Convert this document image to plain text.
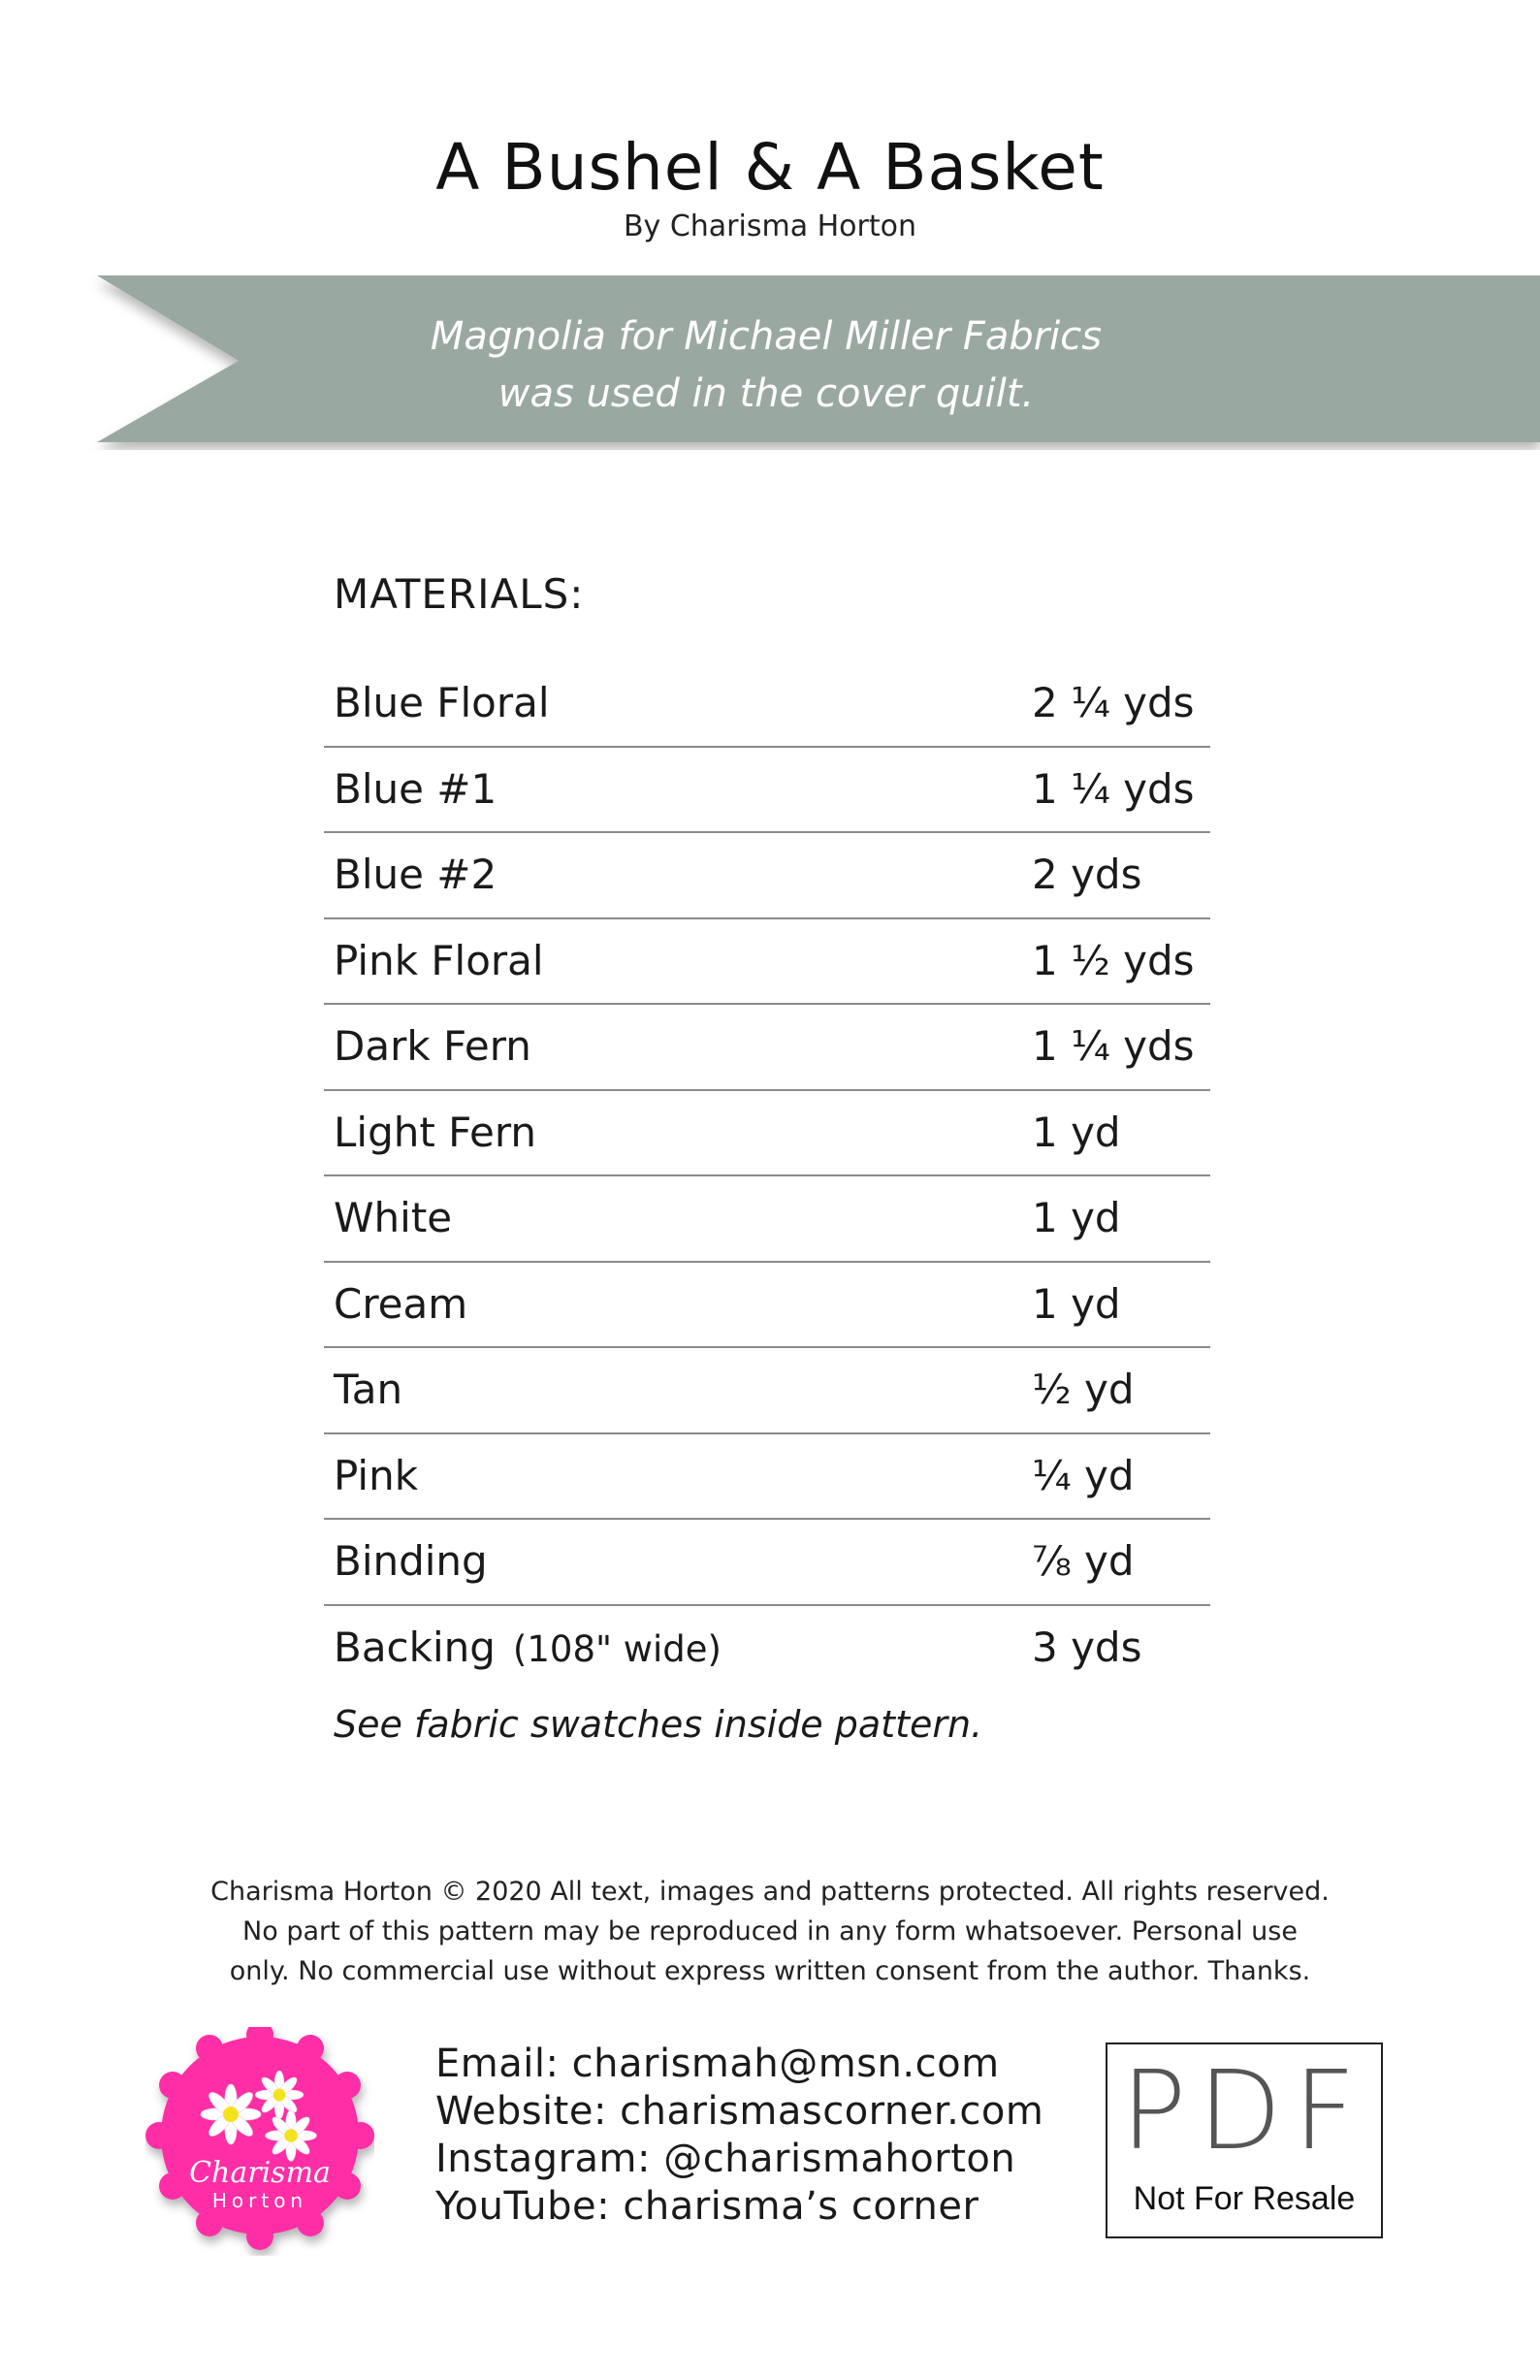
A Bushel & A Basket
By Charisma Horton
Magnolia for Michael Miller Fabrics
was used in the cover quilt.
MATERIALS:
Blue Floral	2 ¼ yds
Blue #1	1 ¼ yds
Blue #2	2 yds
Pink Floral	1 ½ yds
Dark Fern	1 ¼ yds
Light Fern	1 yd
White	1 yd
Cream	1 yd
Tan	½ yd
Pink	¼ yd
Binding	⅞ yd
Backing (108" wide)	3 yds
See fabric swatches inside pattern.
Charisma Horton © 2020 All text, images and patterns protected. All rights reserved.
No part of this pattern may be reproduced in any form whatsoever. Personal use
only. No commercial use without express written consent from the author. Thanks.
Charisma
Horton
Email: charismah@msn.com
Website: charismascorner.com
Instagram: @charismahorton
YouTube: charisma’s corner
PDF
Not For Resale
